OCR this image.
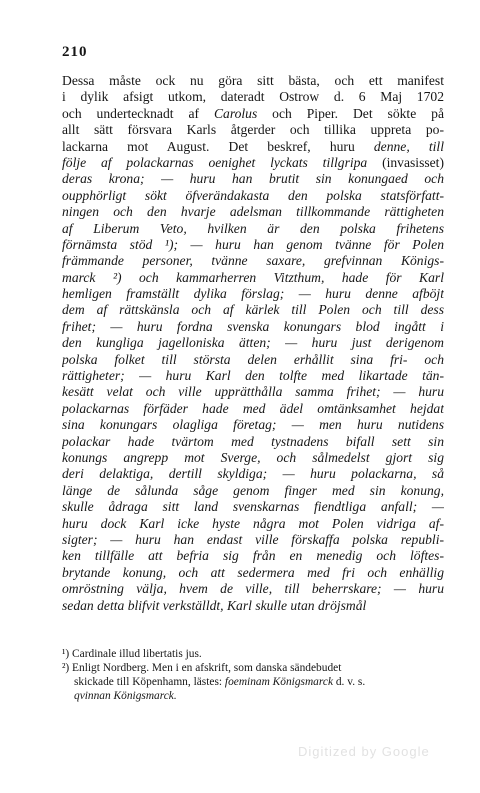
210
Dessa måste ock nu göra sitt bästa, och ett manifest
i dylik afsigt utkom, dateradt Ostrow d. 6 Maj 1702
och undertecknadt af Carolus och Piper. Det sökte på
allt sätt försvara Karls åtgerder och tillika uppreta po-
lackarna mot August. Det beskref, huru denne, till
följe af polackarnas oenighet lyckats tillgripa (invasisset)
deras krona; — huru han brutit sin konungaed och
oupphörligt sökt öfverändakasta den polska statsförfatt-
ningen och den hvarje adelsman tillkommande rättigheten
af Liberum Veto, hvilken är den polska frihetens
förnämsta stöd ¹); — huru han genom tvänne för Polen
främmande personer, tvänne saxare, grefvinnan Königs-
marck ²) och kammarherren Vitzthum, hade för Karl
hemligen framställt dylika förslag; — huru denne afböjt
dem af rättskänsla och af kärlek till Polen och till dess
frihet; — huru fordna svenska konungars blod ingått i
den kungliga jagelloniska ätten; — huru just derigenom
polska folket till största delen erhållit sina fri- och
rättigheter; — huru Karl den tolfte med likartade tän-
kesätt velat och ville upprätthålla samma frihet; — huru
polackarnas förfäder hade med ädel omtänksamhet hejdat
sina konungars olagliga företag; — men huru nutidens
polackar hade tvärtom med tystnadens bifall sett sin
konungs angrepp mot Sverge, och sålmedelst gjort sig
deri delaktiga, dertill skyldiga; — huru polackarna, så
länge de sålunda såge genom finger med sin konung,
skulle ådraga sitt land svenskarnas fiendtliga anfall; —
huru dock Karl icke hyste några mot Polen vidriga af-
sigter; — huru han endast ville förskaffa polska republi-
ken tillfälle att befria sig från en menedig och löftes-
brytande konung, och att sedermera med fri och enhällig
omröstning välja, hvem de ville, till beherrskare; — huru
sedan detta blifvit verkställdt, Karl skulle utan dröjsmål
¹) Cardinale illud libertatis jus.
²) Enligt Nordberg. Men i en afskrift, som danska sändebudet
skickade till Köpenhamn, lästes: foeminam Königsmarck d. v. s.
qvinnan Königsmarck.
Digitized by Google
